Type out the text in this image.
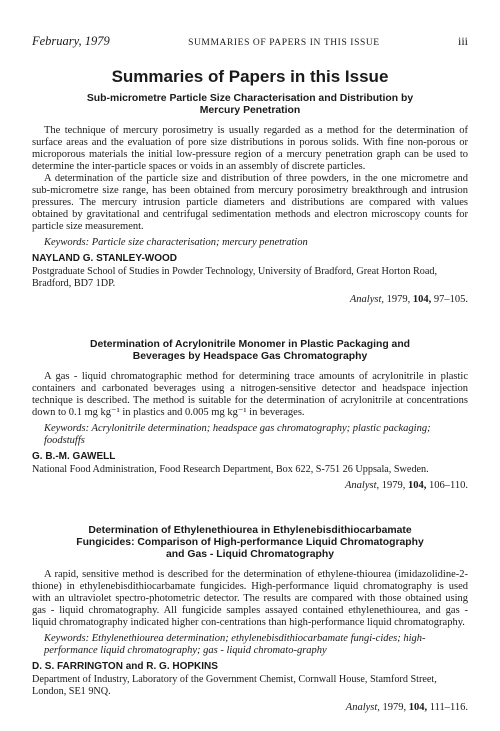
February, 1979	SUMMARIES OF PAPERS IN THIS ISSUE	iii
Summaries of Papers in this Issue
Sub-micrometre Particle Size Characterisation and Distribution by Mercury Penetration

The technique of mercury porosimetry is usually regarded as a method for the determination of surface areas and the evaluation of pore size distributions in porous solids. With fine non-porous or microporous materials the initial low-pressure region of a mercury penetration graph can be used to determine the inter-particle spaces or voids in an assembly of discrete particles.

A determination of the particle size and distribution of three powders, in the one micrometre and sub-micrometre size range, has been obtained from mercury porosimetry breakthrough and intrusion pressures. The mercury intrusion particle diameters and distributions are compared with values obtained by gravitational and centrifugal sedimentation methods and electron microscopy counts for particle size measurement.

Keywords: Particle size characterisation; mercury penetration

NAYLAND G. STANLEY-WOOD

Postgraduate School of Studies in Powder Technology, University of Bradford, Great Horton Road, Bradford, BD7 1DP.

Analyst, 1979, 104, 97–105.

Determination of Acrylonitrile Monomer in Plastic Packaging and Beverages by Headspace Gas Chromatography

A gas - liquid chromatographic method for determining trace amounts of acrylonitrile in plastic containers and carbonated beverages using a nitrogen-sensitive detector and headspace injection technique is described. The method is suitable for the determination of acrylonitrile at concentrations down to 0.1 mg kg⁻¹ in plastics and 0.005 mg kg⁻¹ in beverages.

Keywords: Acrylonitrile determination; headspace gas chromatography; plastic packaging; foodstuffs

G. B.-M. GAWELL

National Food Administration, Food Research Department, Box 622, S-751 26 Uppsala, Sweden.

Analyst, 1979, 104, 106–110.

Determination of Ethylenethiourea in Ethylenebisdithiocarbamate Fungicides: Comparison of High-performance Liquid Chromatography and Gas - Liquid Chromatography

A rapid, sensitive method is described for the determination of ethylene-thiourea (imidazolidine-2-thione) in ethylenebisdithiocarbamate fungicides. High-performance liquid chromatography is used with an ultraviolet spectro-photometric detector. The results are compared with those obtained using gas - liquid chromatography. All fungicide samples assayed contained ethylenethiourea, and gas - liquid chromatography indicated higher con-centrations than high-performance liquid chromatography.

Keywords: Ethylenethiourea determination; ethylenebisdithiocarbamate fungi-cides; high-performance liquid chromatography; gas - liquid chromato-graphy

D. S. FARRINGTON and R. G. HOPKINS

Department of Industry, Laboratory of the Government Chemist, Cornwall House, Stamford Street, London, SE1 9NQ.

Analyst, 1979, 104, 111–116.
